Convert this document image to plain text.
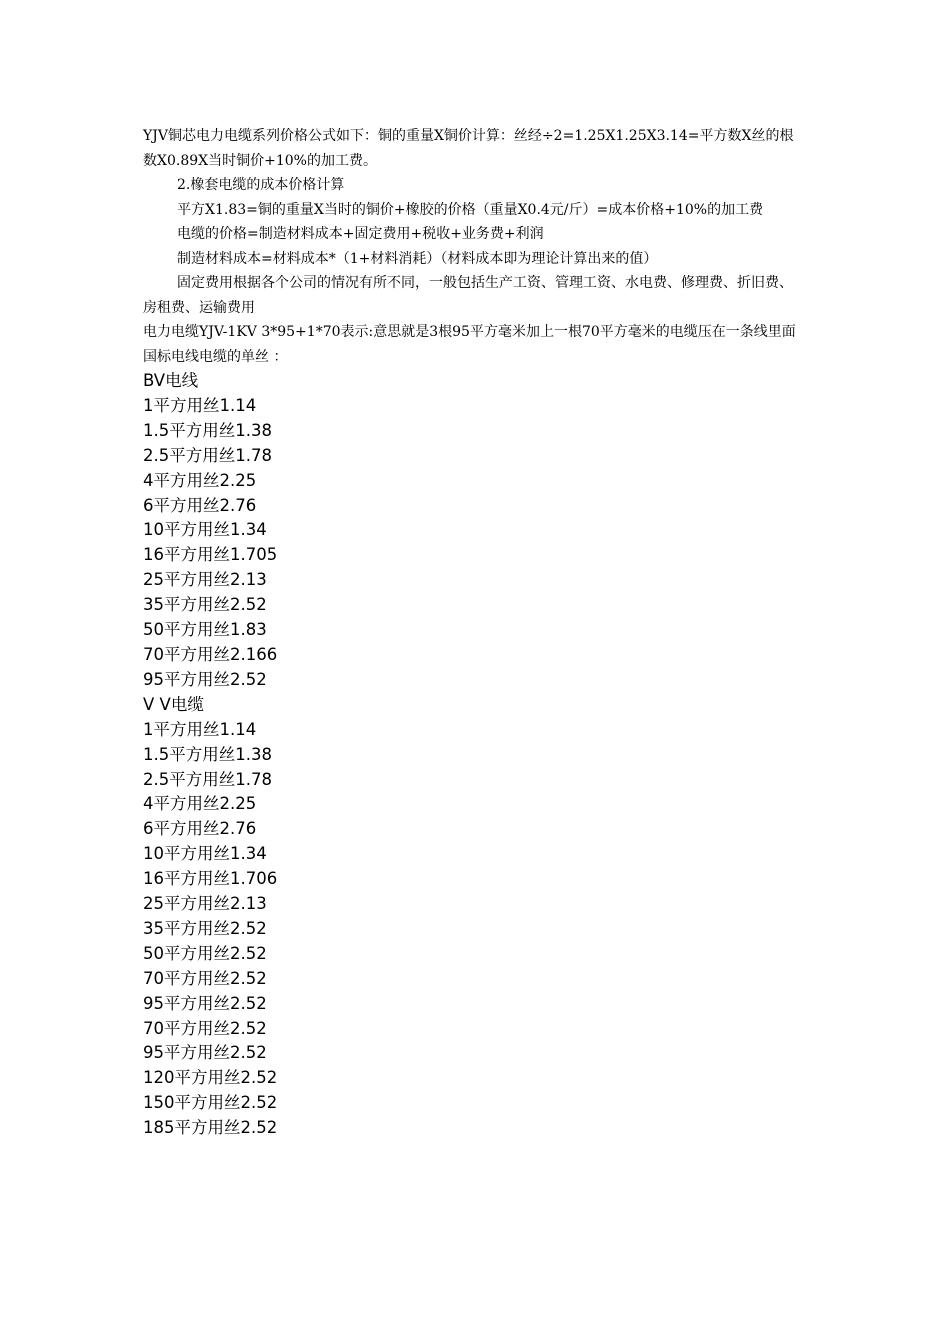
YJV铜芯电力电缆系列价格公式如下：铜的重量X铜价计算：丝经÷2=1.25X1.25X3.14=平方数X丝的根数X0.89X当时铜价+10%的加工费。

2.橡套电缆的成本价格计算

平方X1.83=铜的重量X当时的铜价+橡胶的价格（重量X0.4元/斤）=成本价格+10%的加工费

电缆的价格=制造材料成本+固定费用+税收+业务费+利润

制造材料成本=材料成本*（1+材料消耗）（材料成本即为理论计算出来的值）

固定费用根据各个公司的情况有所不同，一般包括生产工资、管理工资、水电费、修理费、折旧费、房租费、运输费用

电力电缆YJV-1KV 3*95+1*70表示:意思就是3根95平方毫米加上一根70平方毫米的电缆压在一条线里面

国标电线电缆的单丝 ：

BV电线

1平方用丝1.14
1.5平方用丝1.38
2.5平方用丝1.78
4平方用丝2.25
6平方用丝2.76
10平方用丝1.34
16平方用丝1.705
25平方用丝2.13
35平方用丝2.52
50平方用丝1.83
70平方用丝2.166
95平方用丝2.52

V V电缆

1平方用丝1.14
1.5平方用丝1.38
2.5平方用丝1.78
4平方用丝2.25
6平方用丝2.76
10平方用丝1.34
16平方用丝1.706
25平方用丝2.13
35平方用丝2.52
50平方用丝2.52
70平方用丝2.52
95平方用丝2.52
70平方用丝2.52
95平方用丝2.52
120平方用丝2.52
150平方用丝2.52
185平方用丝2.52
